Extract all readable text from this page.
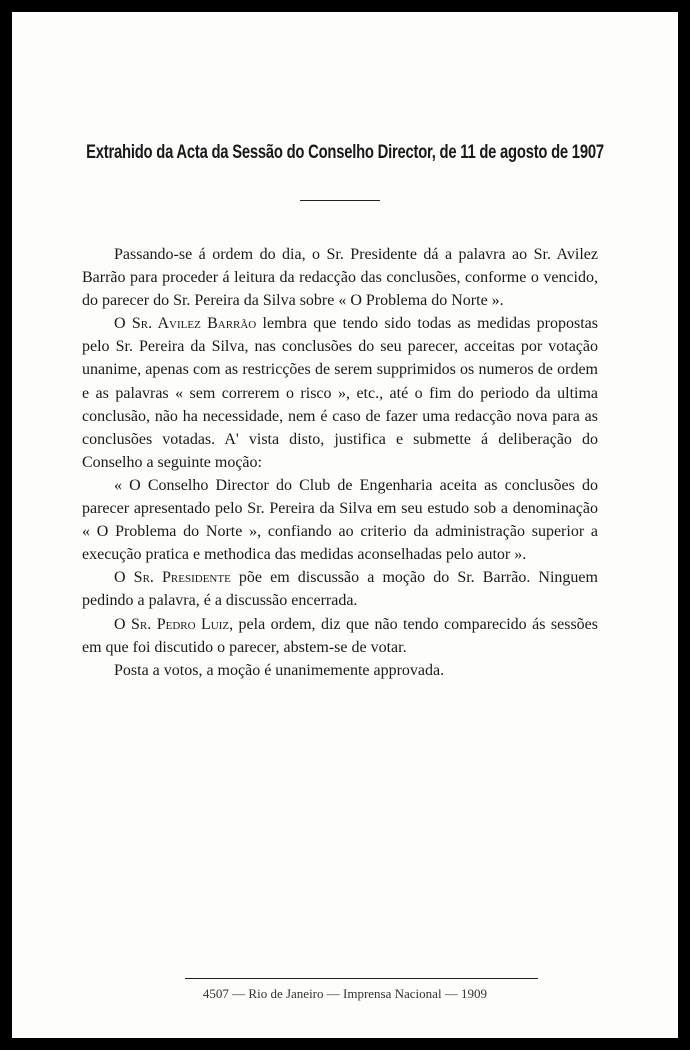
Extrahido da Acta da Sessão do Conselho Director, de 11 de agosto de 1907

Passando-se á ordem do dia, o Sr. Presidente dá a palavra ao Sr. Avilez Barrão para proceder á leitura da redacção das conclusões, conforme o vencido, do parecer do Sr. Pereira da Silva sobre « O Problema do Norte ».

O Sr. Avilez Barrão lembra que tendo sido todas as medidas propostas pelo Sr. Pereira da Silva, nas conclusões do seu parecer, acceitas por votação unanime, apenas com as restricções de serem supprimidos os numeros de ordem e as palavras « sem correrem o risco », etc., até o fim do periodo da ultima conclusão, não ha necessidade, nem é caso de fazer uma redacção nova para as conclusões votadas. A' vista disto, justifica e submette á deliberação do Conselho a seguinte moção:

« O Conselho Director do Club de Engenharia aceita as conclusões do parecer apresentado pelo Sr. Pereira da Silva em seu estudo sob a denominação « O Problema do Norte », confiando ao criterio da administração superior a execução pratica e methodica das medidas aconselhadas pelo autor ».

O Sr. Presidente põe em discussão a moção do Sr. Barrão. Ninguem pedindo a palavra, é a discussão encerrada.

O Sr. Pedro Luiz, pela ordem, diz que não tendo comparecido ás sessões em que foi discutido o parecer, abstem-se de votar.

Posta a votos, a moção é unanimemente approvada.

4507 — Rio de Janeiro — Imprensa Nacional — 1909
